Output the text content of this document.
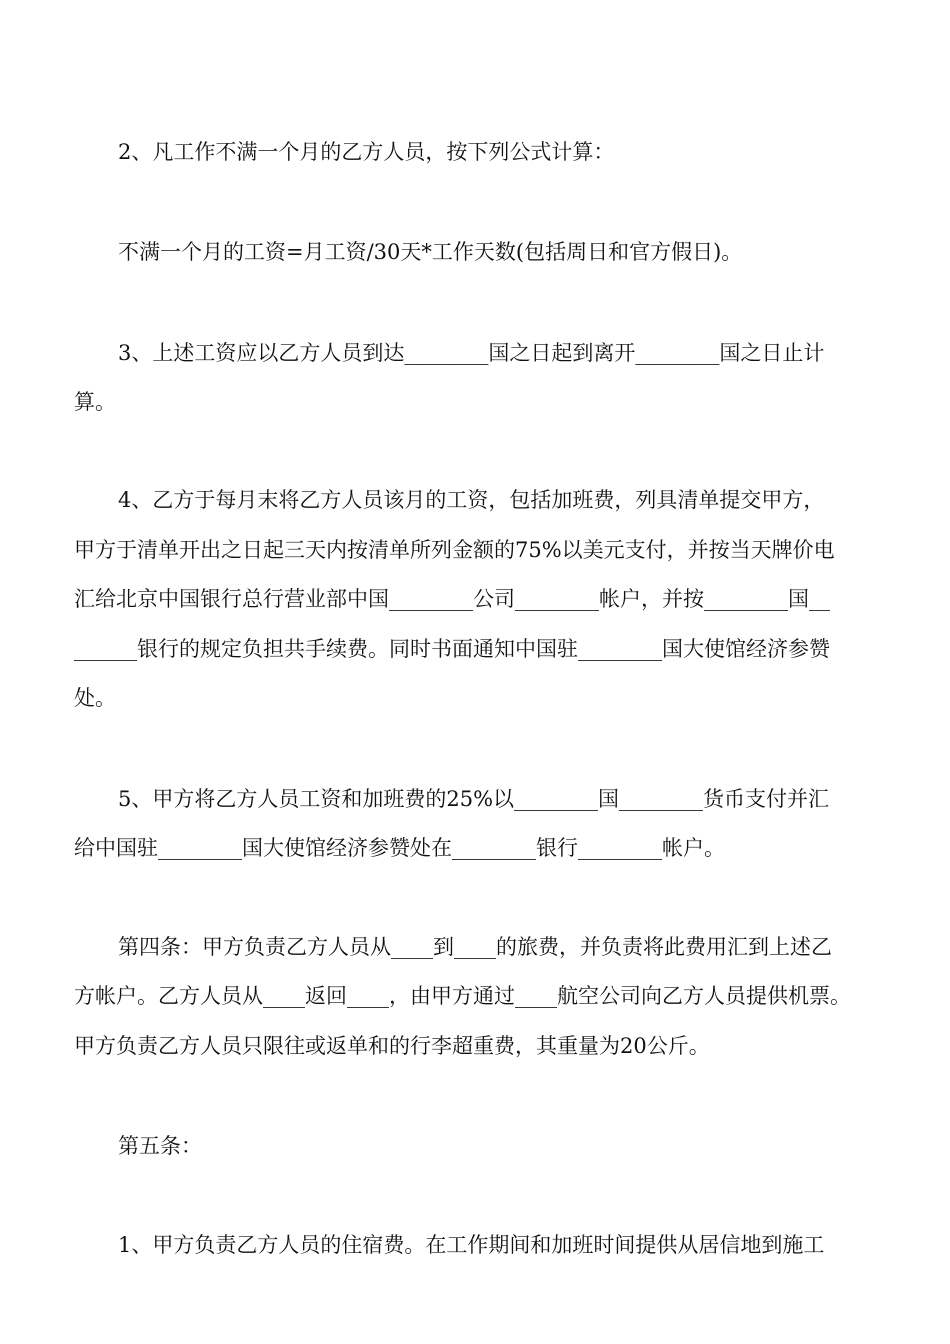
2、凡工作不满一个月的乙方人员，按下列公式计算：
不满一个月的工资=月工资/30天*工作天数(包括周日和官方假日)。
3、上述工资应以乙方人员到达________国之日起到离开________国之日止计
算。
4、乙方于每月末将乙方人员该月的工资，包括加班费，列具清单提交甲方，
甲方于清单开出之日起三天内按清单所列金额的75%以美元支付，并按当天牌价电
汇给北京中国银行总行营业部中国________公司________帐户，并按________国__
______银行的规定负担共手续费。同时书面通知中国驻________国大使馆经济参赞
处。
5、甲方将乙方人员工资和加班费的25%以________国________货币支付并汇
给中国驻________国大使馆经济参赞处在________银行________帐户。
第四条：甲方负责乙方人员从____到____的旅费，并负责将此费用汇到上述乙
方帐户。乙方人员从____返回____，由甲方通过____航空公司向乙方人员提供机票。
甲方负责乙方人员只限往或返单和的行李超重费，其重量为20公斤。
第五条：
1、甲方负责乙方人员的住宿费。在工作期间和加班时间提供从居信地到施工
